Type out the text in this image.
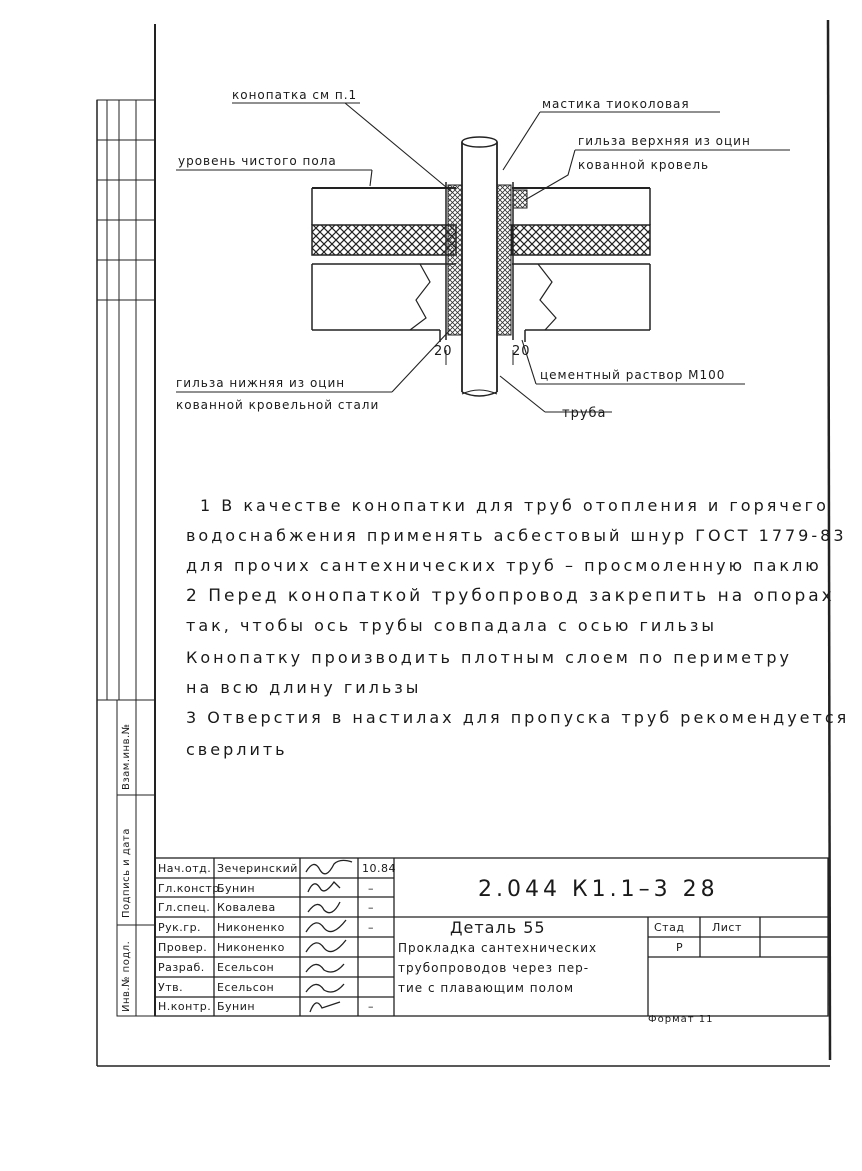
конопатка см п.1
мастика тиоколовая
гильза верхняя из оцин
кованной кровель
уровень чистого пола
гильза нижняя из оцин
кованной кровельной стали
цементный раствор М100
труба
20	20
1 В качестве конопатки для труб отопления и горячего
водоснабжения применять асбестовый шнур ГОСТ 1779-83
для прочих сантехнических труб – просмоленную паклю
2 Перед конопаткой трубопровод закрепить на опорах
так, чтобы ось трубы совпадала с осью гильзы
Конопатку производить плотным слоем по периметру
на всю длину гильзы
3 Отверстия в настилах для пропуска труб рекомендуется
сверлить
Нач.отд.
Гл.констр.
Гл.спец.
Рук.гр.
Провер.
Разраб.
Утв.
Н.контр.
Зечеринский
Бунин
Ковалева
Никоненко
Никоненко
Есельсон
Есельсон
Бунин
10.84
–
–
–
–
2.044 К1.1–3 28
Деталь 55
Прокладка сантехнических
трубопроводов через пер-
тие с плавающим полом
Стад	Лист
Р
Формат 11
Взам.инв.№
Подпись и дата
Инв.№ подл.
